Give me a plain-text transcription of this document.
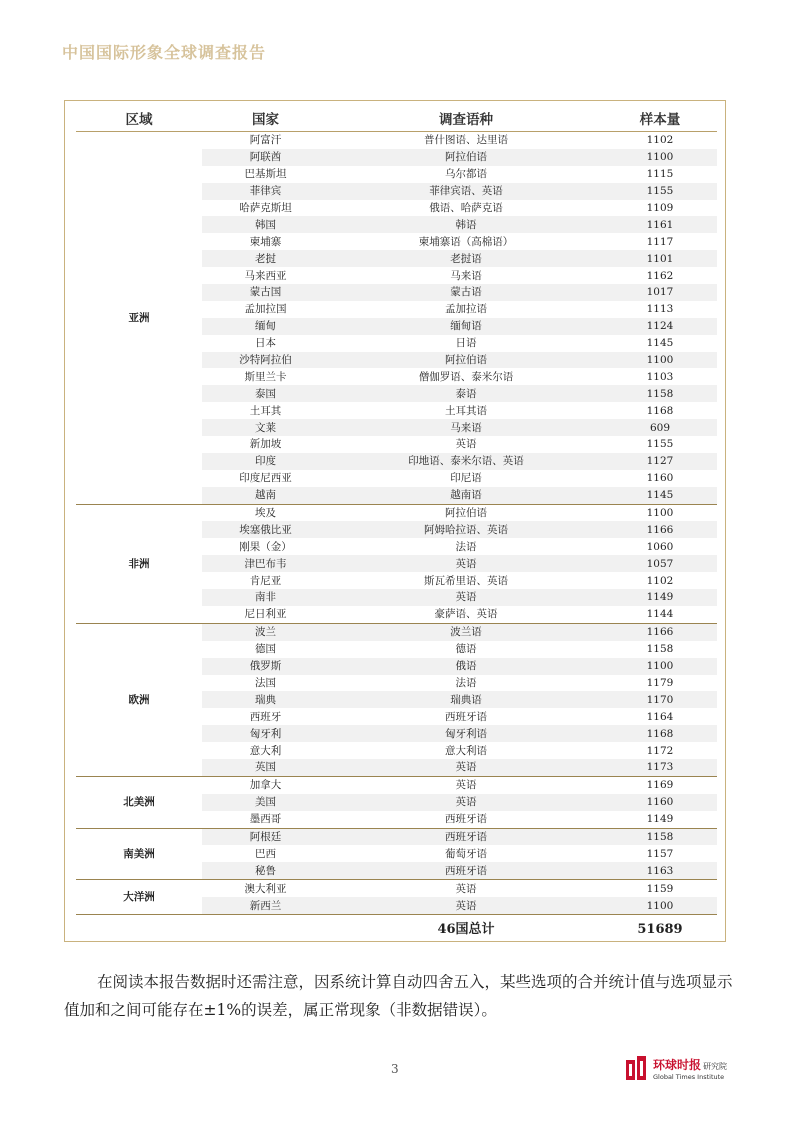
中国国际形象全球调查报告
区域	国家	调查语种	样本量
亚洲	阿富汗	普什图语、达里语	1102
	阿联酋	阿拉伯语	1100
	巴基斯坦	乌尔都语	1115
	菲律宾	菲律宾语、英语	1155
	哈萨克斯坦	俄语、哈萨克语	1109
	韩国	韩语	1161
	柬埔寨	柬埔寨语（高棉语）	1117
	老挝	老挝语	1101
	马来西亚	马来语	1162
	蒙古国	蒙古语	1017
	孟加拉国	孟加拉语	1113
	缅甸	缅甸语	1124
	日本	日语	1145
	沙特阿拉伯	阿拉伯语	1100
	斯里兰卡	僧伽罗语、泰米尔语	1103
	泰国	泰语	1158
	土耳其	土耳其语	1168
	文莱	马来语	609
	新加坡	英语	1155
	印度	印地语、泰米尔语、英语	1127
	印度尼西亚	印尼语	1160
	越南	越南语	1145
非洲	埃及	阿拉伯语	1100
	埃塞俄比亚	阿姆哈拉语、英语	1166
	刚果（金）	法语	1060
	津巴布韦	英语	1057
	肯尼亚	斯瓦希里语、英语	1102
	南非	英语	1149
	尼日利亚	豪萨语、英语	1144
欧洲	波兰	波兰语	1166
	德国	德语	1158
	俄罗斯	俄语	1100
	法国	法语	1179
	瑞典	瑞典语	1170
	西班牙	西班牙语	1164
	匈牙利	匈牙利语	1168
	意大利	意大利语	1172
	英国	英语	1173
北美洲	加拿大	英语	1169
	美国	英语	1160
	墨西哥	西班牙语	1149
南美洲	阿根廷	西班牙语	1158
	巴西	葡萄牙语	1157
	秘鲁	西班牙语	1163
大洋洲	澳大利亚	英语	1159
	新西兰	英语	1100
		46国总计	51689
在阅读本报告数据时还需注意，因系统计算自动四舍五入，某些选项的合并统计值与选项显示值加和之间可能存在±1%的误差，属正常现象（非数据错误）。
3	环球时报 研究院
Global Times Institute
